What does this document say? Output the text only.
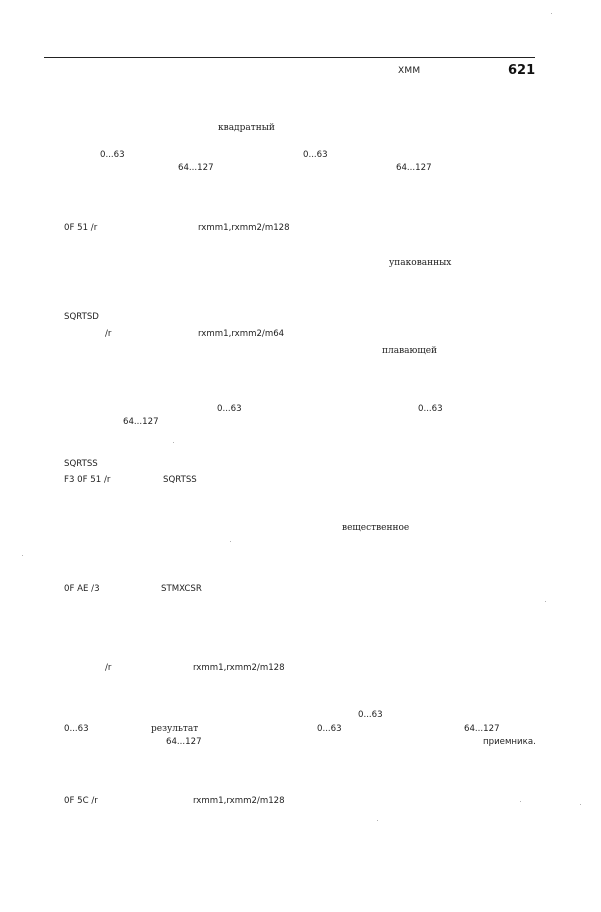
XMM	621
квадратный
0...63
64...127
0...63
64...127
0F 51 /r	rxmm1,rxmm2/m128
упакованных
SQRTSD
/r	rxmm1,rxmm2/m64
плавающей
0...63	0...63
64...127
SQRTSS
F3 0F 51 /r	SQRTSS
вещественное
0F AE /3	STMXCSR
/r	rxmm1,rxmm2/m128
0...63
0...63	результат	0...63	64...127
64...127	приемника.
0F 5C /r	rxmm1,rxmm2/m128
